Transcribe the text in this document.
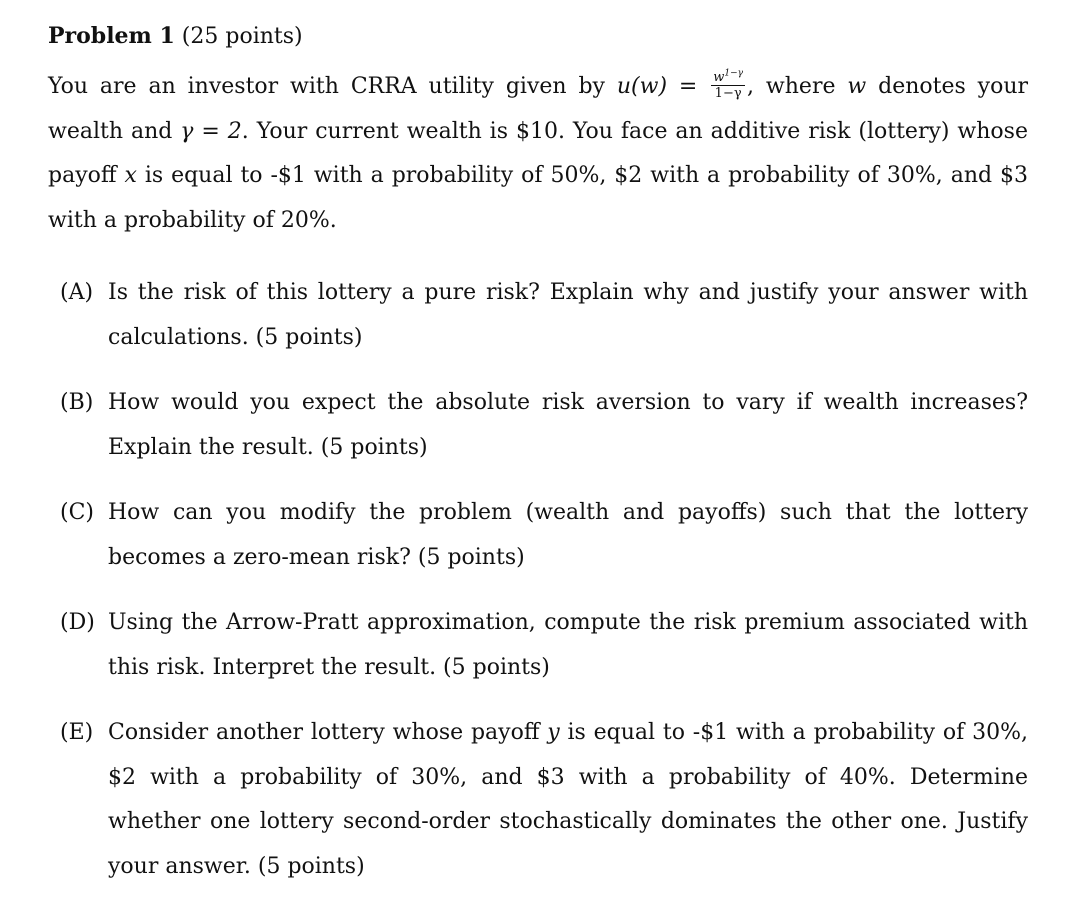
Problem 1 (25 points)

You are an investor with CRRA utility given by $u(w) = \frac{w^{1-\gamma}}{1-\gamma}$ , where w denotes your wealth and γ = 2. Your current wealth is $10. You face an additive risk (lottery) whose payoff x is equal to -$1 with a probability of 50%, $2 with a probability of 30%, and $3 with a probability of 20%.

(A) Is the risk of this lottery a pure risk? Explain why and justify your answer with calculations. (5 points)
(B) How would you expect the absolute risk aversion to vary if wealth increases? Explain the result. (5 points)
(C) How can you modify the problem (wealth and payoffs) such that the lottery becomes a zero-mean risk? (5 points)
(D) Using the Arrow-Pratt approximation, compute the risk premium associated with this risk. Interpret the result. (5 points)
(E) Consider another lottery whose payoff y is equal to -$1 with a probability of 30%, $2 with a probability of 30%, and $3 with a probability of 40%. Determine whether one lottery second-order stochastically dominates the other one. Justify your answer. (5 points)
